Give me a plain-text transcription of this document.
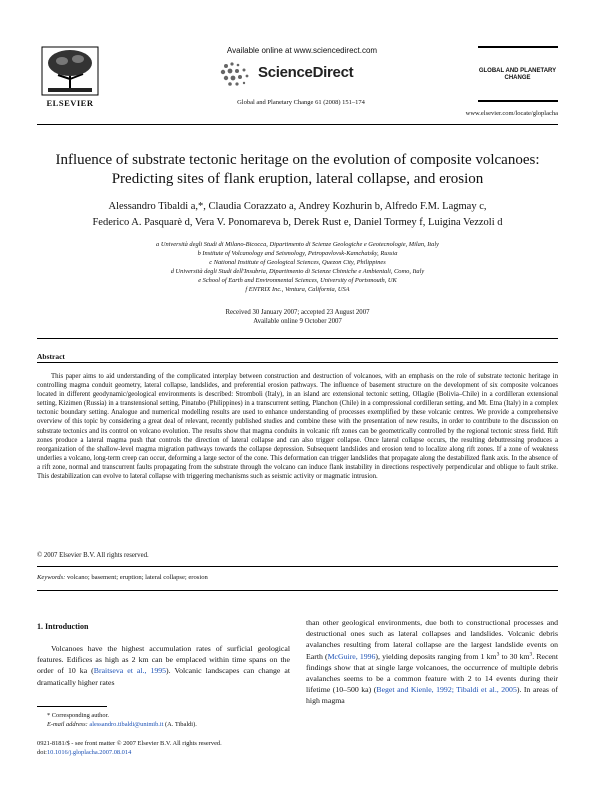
Available online at www.sciencedirect.com
ScienceDirect
Global and Planetary Change 61 (2008) 151–174
ELSEVIER
GLOBAL AND PLANETARY CHANGE
www.elsevier.com/locate/gloplacha
Influence of substrate tectonic heritage on the evolution of composite volcanoes: Predicting sites of flank eruption, lateral collapse, and erosion
Alessandro Tibaldi a,*, Claudia Corazzato a, Andrey Kozhurin b, Alfredo F.M. Lagmay c,
Federico A. Pasquarè d, Vera V. Ponomareva b, Derek Rust e, Daniel Tormey f, Luigina Vezzoli d
a Università degli Studi di Milano-Bicocca, Dipartimento di Scienze Geologiche e Geotecnologie, Milan, Italy
b Institute of Volcanology and Seismology, Petropavlovsk-Kamchatsky, Russia
c National Institute of Geological Sciences, Quezon City, Philippines
d Università degli Studi dell'Insubria, Dipartimento di Scienze Chimiche e Ambientali, Como, Italy
e School of Earth and Environmental Sciences, University of Portsmouth, UK
f ENTRIX Inc., Ventura, California, USA
Received 30 January 2007; accepted 23 August 2007
Available online 9 October 2007
Abstract
This paper aims to aid understanding of the complicated interplay between construction and destruction of volcanoes, with an emphasis on the role of substrate tectonic heritage in controlling magma conduit geometry, lateral collapse, landslides, and preferential erosion pathways. The influence of basement structure on the development of six composite volcanoes located in different geodynamic/geological environments is described: Stromboli (Italy), in an island arc extensional tectonic setting, Ollagüe (Bolivia–Chile) in a cordilleran extensional setting, Kizimen (Russia) in a transtensional setting, Pinatubo (Philippines) in a transcurrent setting, Planchon (Chile) in a compressional cordilleran setting, and Mt. Etna (Italy) in a complex tectonic boundary setting. Analogue and numerical modelling results are used to enhance understanding of processes exemplified by these volcanic centres. We provide a comprehensive overview of this topic by considering a great deal of relevant, recently published studies and combine these with the presentation of new results, in order to contribute to the discussion on substrate tectonics and its control on volcano evolution. The results show that magma conduits in volcanic rift zones can be geometrically controlled by the regional tectonic stress field. Rift zones produce a lateral magma push that controls the direction of lateral collapse and can also trigger collapse. Once lateral collapse occurs, the resulting debuttressing produces a reorganization of the shallow-level magma migration pathways towards the collapse depression. Subsequent landslides and erosion tend to localize along rift zones. If a zone of weakness underlies a volcano, long-term creep can occur, deforming a large sector of the cone. This deformation can trigger landslides that propagate along the destabilized flank axis. In the absence of a rift zone, normal and transcurrent faults propagating from the substrate through the volcano can induce flank instability in directions respectively perpendicular and oblique to fault strike. This destabilization can evolve to lateral collapse with triggering mechanisms such as seismic activity or magmatic intrusion.
© 2007 Elsevier B.V. All rights reserved.
Keywords: volcano; basement; eruption; lateral collapse; erosion
1. Introduction
Volcanoes have the highest accumulation rates of surficial geological features. Edifices as high as 2 km can be emplaced within time spans on the order of 10 ka (Braitseva et al., 1995). Volcanic landscapes can change at dramatically higher rates
than other geological environments, due both to constructional processes and destructional ones such as lateral collapses and landslides. Volcanic debris avalanches resulting from lateral collapse are the largest landslide events on Earth (McGuire, 1996), yielding deposits ranging from 1 $km^3$ to 30 $km^3$. Recent findings show that at single large volcanoes, the occurrence of multiple debris avalanches seems to be a common feature with 2 to 14 events during their lifetime (10–500 ka) (Beget and Kienle, 1992; Tibaldi et al., 2005). In areas of high magma
* Corresponding author.
E-mail address: alessandro.tibaldi@unimib.it (A. Tibaldi).
0921-8181/$ - see front matter © 2007 Elsevier B.V. All rights reserved.
doi:10.1016/j.gloplacha.2007.08.014
